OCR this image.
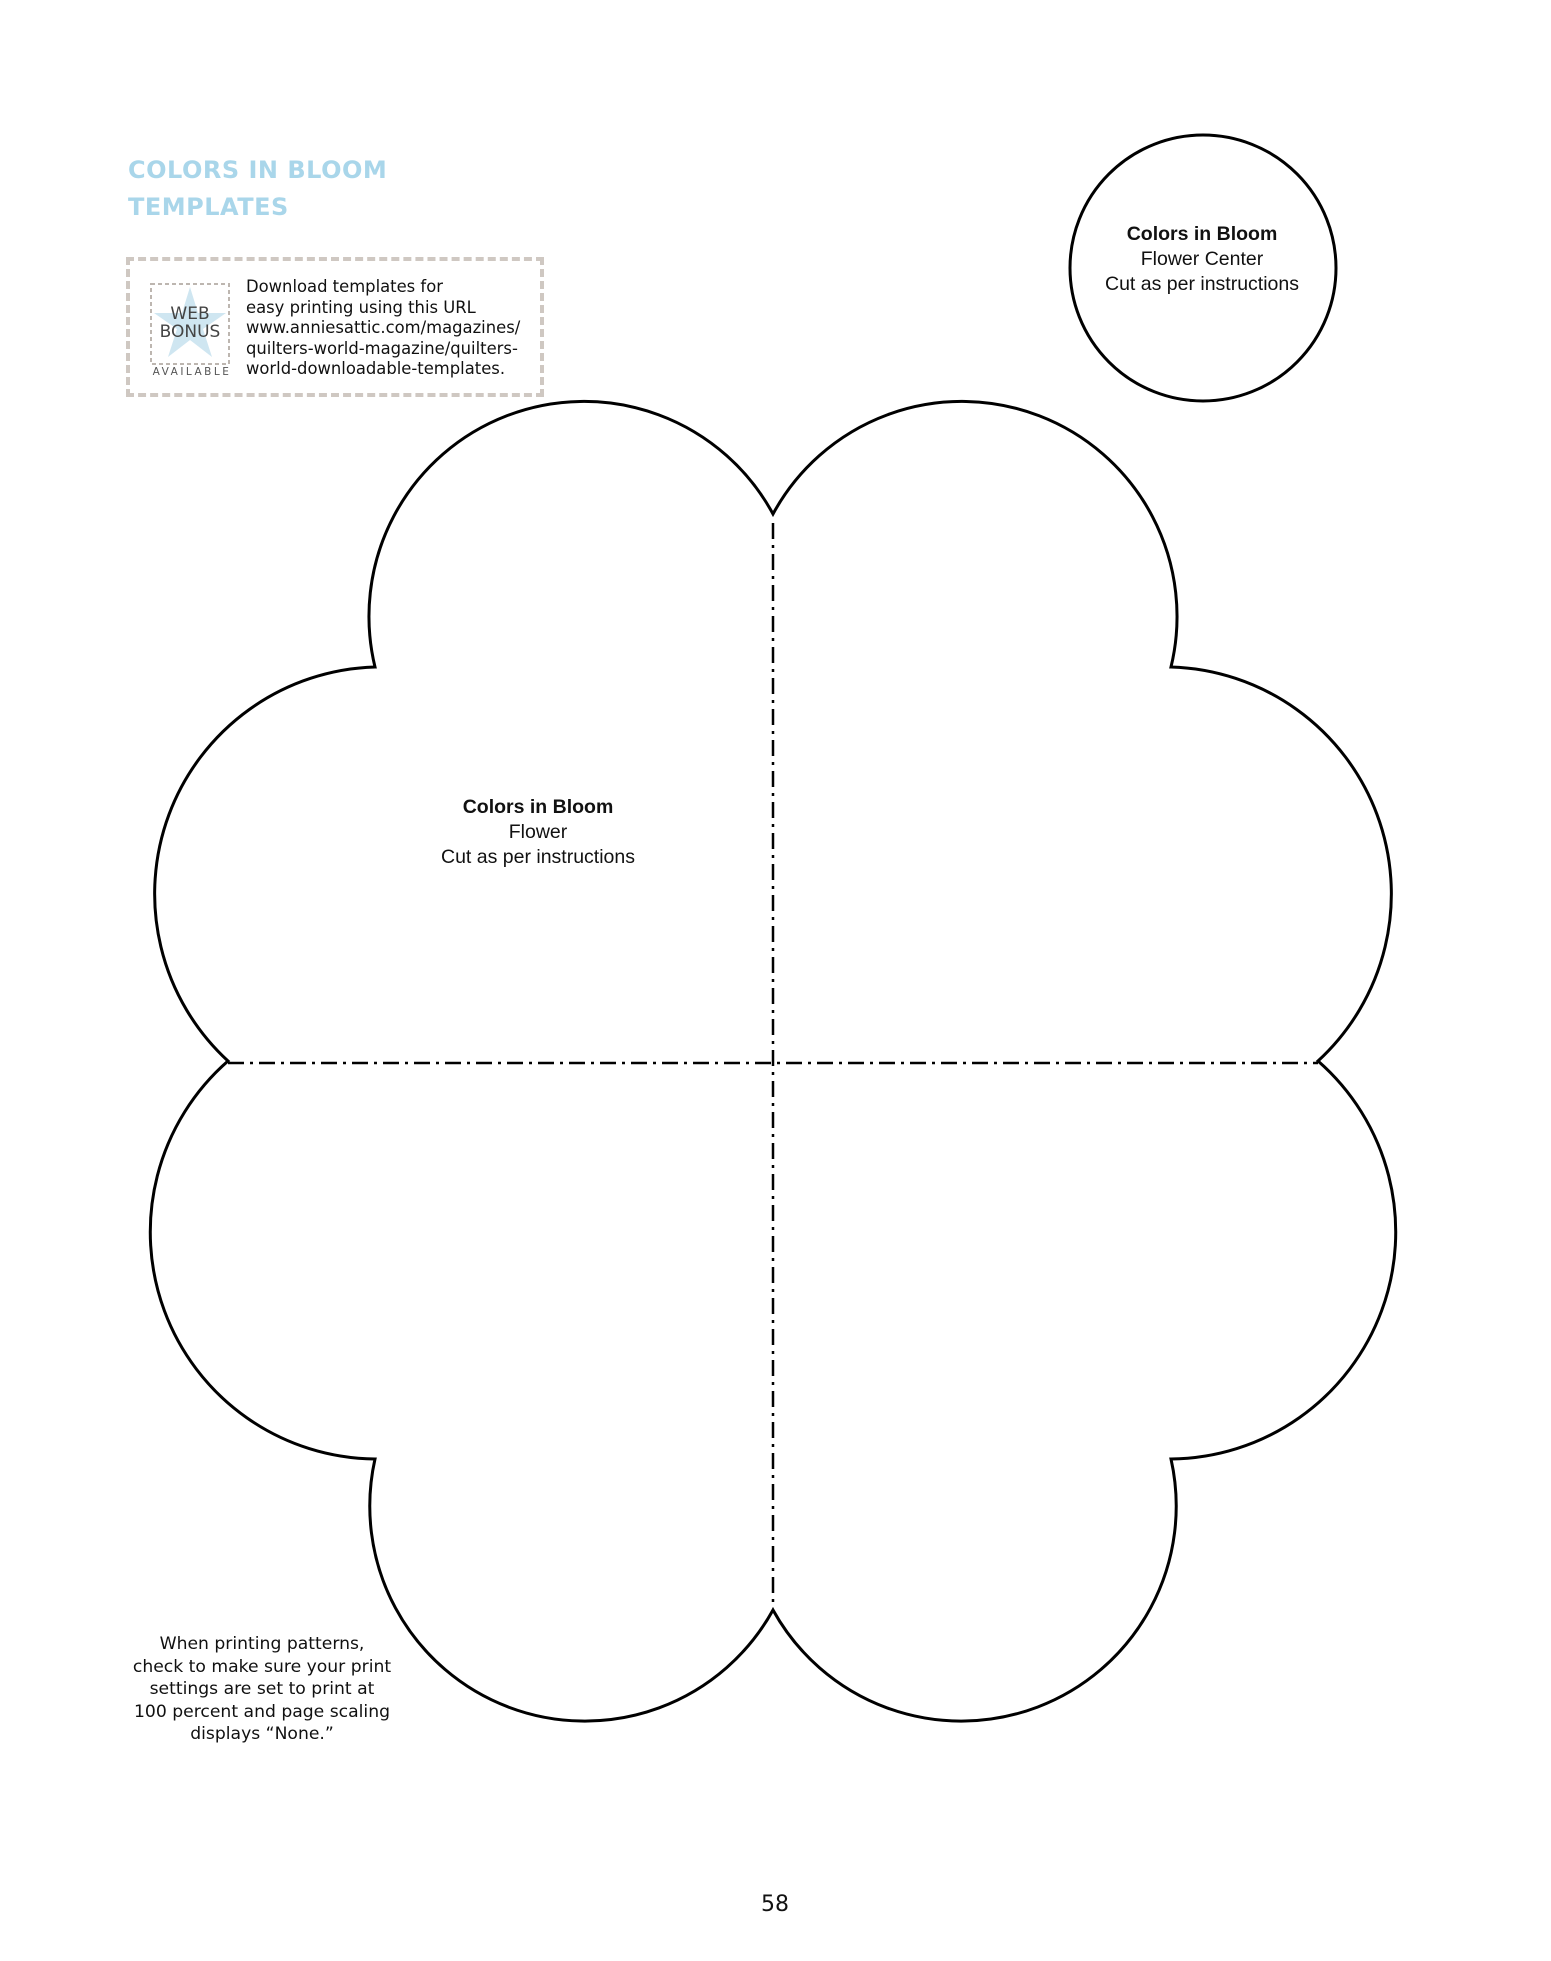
COLORS IN BLOOM
TEMPLATES
WEB
BONUS
AVAILABLE
Download templates for
easy printing using this URL
www.anniesattic.com/magazines/
quilters-world-magazine/quilters-
world-downloadable-templates.
Colors in Bloom
Flower Center
Cut as per instructions
Colors in Bloom
Flower
Cut as per instructions
When printing patterns,
check to make sure your print
settings are set to print at
100 percent and page scaling
displays “None.”
58
